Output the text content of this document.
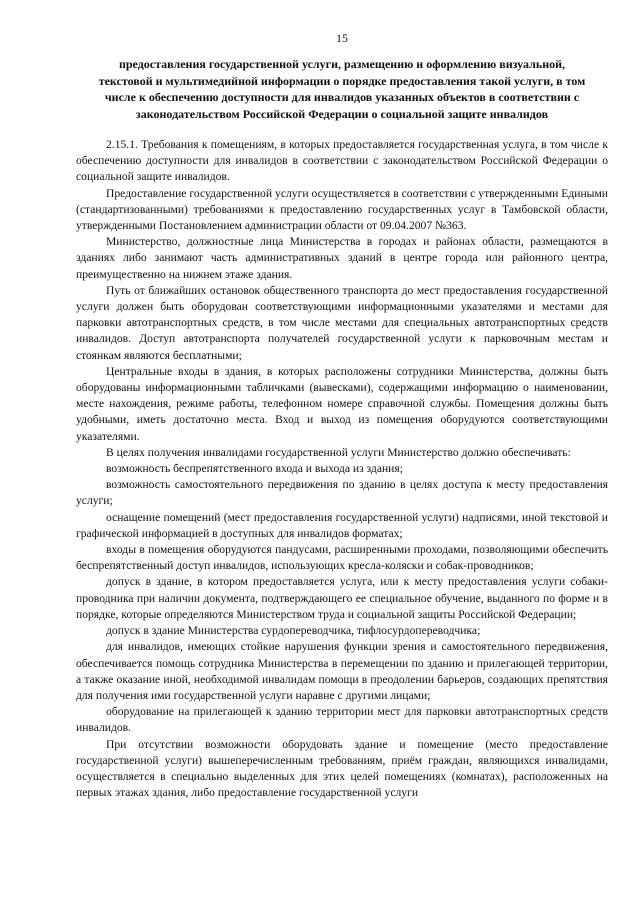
15
предоставления государственной услуги, размещению и оформлению визуальной,
текстовой и мультимедийной информации о порядке предоставления такой услуги, в том
числе к обеспечению доступности для инвалидов указанных объектов в соответствии с
законодательством Российской Федерации о социальной защите инвалидов

2.15.1. Требования к помещениям, в которых предоставляется государственная услуга, в том числе к обеспечению доступности для инвалидов в соответствии с законодательством Российской Федерации о социальной защите инвалидов.

Предоставление государственной услуги осуществляется в соответствии с утвержденными Едиными (стандартизованными) требованиями к предоставлению государственных услуг в Тамбовской области, утвержденными Постановлением администрации области от 09.04.2007 №363.

Министерство, должностные лица Министерства в городах и районах области, размещаются в зданиях либо занимают часть административных зданий в центре города или районного центра, преимущественно на нижнем этаже здания.

Путь от ближайших остановок общественного транспорта до мест предоставления государственной услуги должен быть оборудован соответствующими информационными указателями и местами для парковки автотранспортных средств, в том числе местами для специальных автотранспортных средств инвалидов. Доступ автотранспорта получателей государственной услуги к парковочным местам и стоянкам являются бесплатными;

Центральные входы в здания, в которых расположены сотрудники Министерства, должны быть оборудованы информационными табличками (вывесками), содержащими информацию о наименовании, месте нахождения, режиме работы, телефонном номере справочной службы. Помещения должны быть удобными, иметь достаточно места. Вход и выход из помещения оборудуются соответствующими указателями.

В целях получения инвалидами государственной услуги Министерство должно обеспечивать:

возможность беспрепятственного входа и выхода из здания;

возможность самостоятельного передвижения по зданию в целях доступа к месту предоставления услуги;

оснащение помещений (мест предоставления государственной услуги) надписями, иной текстовой и графической информацией в доступных для инвалидов форматах;

входы в помещения оборудуются пандусами, расширенными проходами, позволяющими обеспечить беспрепятственный доступ инвалидов, использующих кресла-коляски и собак-проводников;

допуск в здание, в котором предоставляется услуга, или к месту предоставления услуги собаки-проводника при наличии документа, подтверждающего ее специальное обучение, выданного по форме и в порядке, которые определяются Министерством труда и социальной защиты Российской Федерации;

допуск в здание Министерства сурдопереводчика, тифлосурдопереводчика;

для инвалидов, имеющих стойкие нарушения функции зрения и самостоятельного передвижения, обеспечивается помощь сотрудника Министерства в перемещении по зданию и прилегающей территории, а также оказание иной, необходимой инвалидам помощи в преодолении барьеров, создающих препятствия для получения ими государственной услуги наравне с другими лицами;

оборудование на прилегающей к зданию территории мест для парковки автотранспортных средств инвалидов.

При отсутствии возможности оборудовать здание и помещение (место предоставление государственной услуги) вышеперечисленным требованиям, приём граждан, являющихся инвалидами, осуществляется в специально выделенных для этих целей помещениях (комнатах), расположенных на первых этажах здания, либо предоставление государственной услуги
